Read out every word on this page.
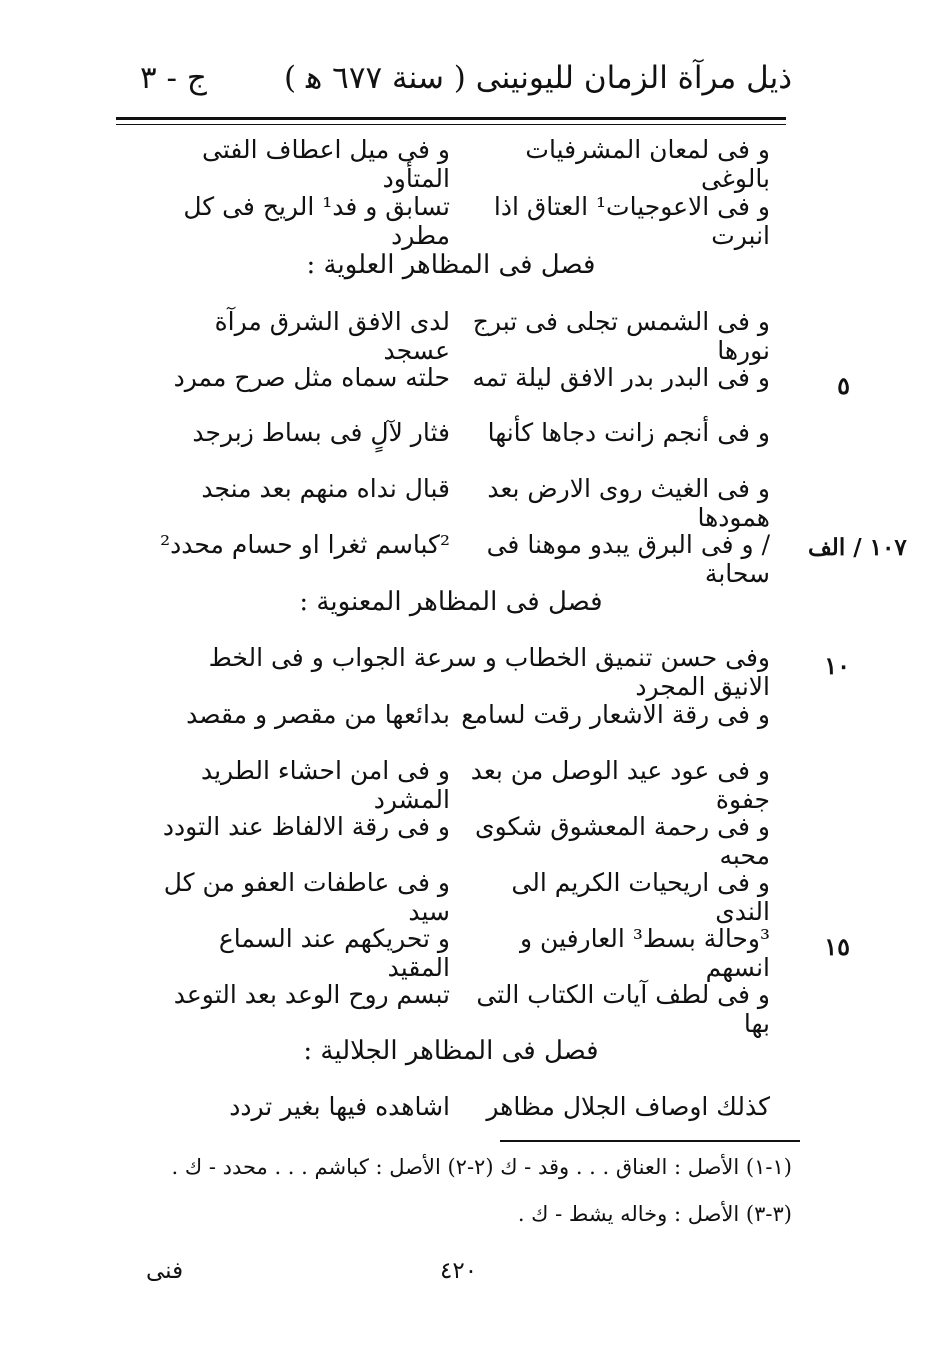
ذيل مرآة الزمان لليونينى ( سنة ٦٧٧ ﻫ )
ج - ٣
و فى لمعان المشرفيات بالوغى
و فى ميل اعطاف الفتى المتأود
و فى الاعوجيات¹ العتاق اذا انبرت
تسابق و فد¹ الريح فى كل مطرد
فصل فى المظاهر العلوية :
و فى الشمس تجلى فى تبرج نورها
لدى الافق الشرق مرآة عسجد
و فى البدر بدر الافق ليلة تمه
حلته سماه مثل صرح ممرد	٥
و فى أنجم زانت دجاها كأنها
فثار لآلٍ فى بساط زبرجد
و فى الغيث روى الارض بعد همودها
قبال نداه منهم بعد منجد
/ و فى البرق يبدو موهنا فى سحابة
²كباسم ثغرا او حسام محدد²	١٠٧ / الف
فصل فى المظاهر المعنوية :
وفى حسن تنميق الخطاب و سرعة الجواب و فى الخط الانيق المجرد
١٠
و فى رقة الاشعار رقت لسامع
بدائعها من مقصر و مقصد
و فى عود عيد الوصل من بعد جفوة
و فى امن احشاء الطريد المشرد
و فى رحمة المعشوق شكوى محبه
و فى رقة الالفاظ عند التودد
و فى اريحيات الكريم الى الندى
و فى عاطفات العفو من كل سيد
³وحالة بسط³ العارفين و انسهم
و تحريكهم عند السماع المقيد
١٥
و فى لطف آيات الكتاب التى بها
تبسم روح الوعد بعد التوعد
فصل فى المظاهر الجلالية :
كذلك اوصاف الجلال مظاهر
اشاهده فيها بغير تردد
(١-١) الأصل : العناق . . . وقد - ك (٢-٢) الأصل : كباشم . . . محدد - ك .
(٣-٣) الأصل : وخاله يشط - ك .
٤٢٠
فنى
